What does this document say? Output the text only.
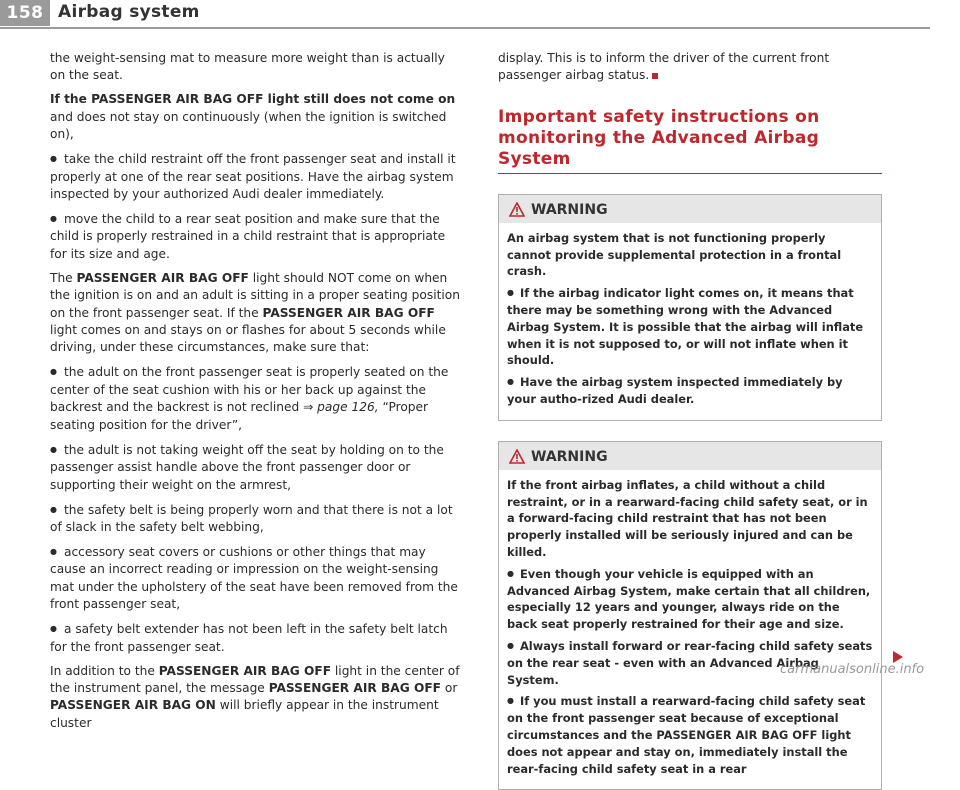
158 Airbag system

the weight-sensing mat to measure more weight than is actually on the seat.

If the PASSENGER AIR BAG OFF light still does not come on and does not stay on continuously (when the ignition is switched on),

● take the child restraint off the front passenger seat and install it properly at one of the rear seat positions. Have the airbag system inspected by your authorized Audi dealer immediately.

● move the child to a rear seat position and make sure that the child is properly restrained in a child restraint that is appropriate for its size and age.

The PASSENGER AIR BAG OFF light should NOT come on when the ignition is on and an adult is sitting in a proper seating position on the front passenger seat. If the PASSENGER AIR BAG OFF light comes on and stays on or flashes for about 5 seconds while driving, under these circumstances, make sure that:

● the adult on the front passenger seat is properly seated on the center of the seat cushion with his or her back up against the backrest and the backrest is not reclined ⇒ page 126, “Proper seating position for the driver”,

● the adult is not taking weight off the seat by holding on to the passenger assist handle above the front passenger door or supporting their weight on the armrest,

● the safety belt is being properly worn and that there is not a lot of slack in the safety belt webbing,

● accessory seat covers or cushions or other things that may cause an incorrect reading or impression on the weight-sensing mat under the upholstery of the seat have been removed from the front passenger seat,

● a safety belt extender has not been left in the safety belt latch for the front passenger seat.

In addition to the PASSENGER AIR BAG OFF light in the center of the instrument panel, the message PASSENGER AIR BAG OFF or PASSENGER AIR BAG ON will briefly appear in the instrument cluster

display. This is to inform the driver of the current front passenger airbag status.

Important safety instructions on monitoring the Advanced Airbag System
WARNING

An airbag system that is not functioning properly cannot provide supplemental protection in a frontal crash.

● If the airbag indicator light comes on, it means that there may be something wrong with the Advanced Airbag System. It is possible that the airbag will inflate when it is not supposed to, or will not inflate when it should.

● Have the airbag system inspected immediately by your autho-rized Audi dealer.

WARNING

If the front airbag inflates, a child without a child restraint, or in a rearward-facing child safety seat, or in a forward-facing child restraint that has not been properly installed will be seriously injured and can be killed.

● Even though your vehicle is equipped with an Advanced Airbag System, make certain that all children, especially 12 years and younger, always ride on the back seat properly restrained for their age and size.

● Always install forward or rear-facing child safety seats on the rear seat - even with an Advanced Airbag System.

● If you must install a rearward-facing child safety seat on the front passenger seat because of exceptional circumstances and the PASSENGER AIR BAG OFF light does not appear and stay on, immediately install the rear-facing child safety seat in a rear

carmanualsonline.info
